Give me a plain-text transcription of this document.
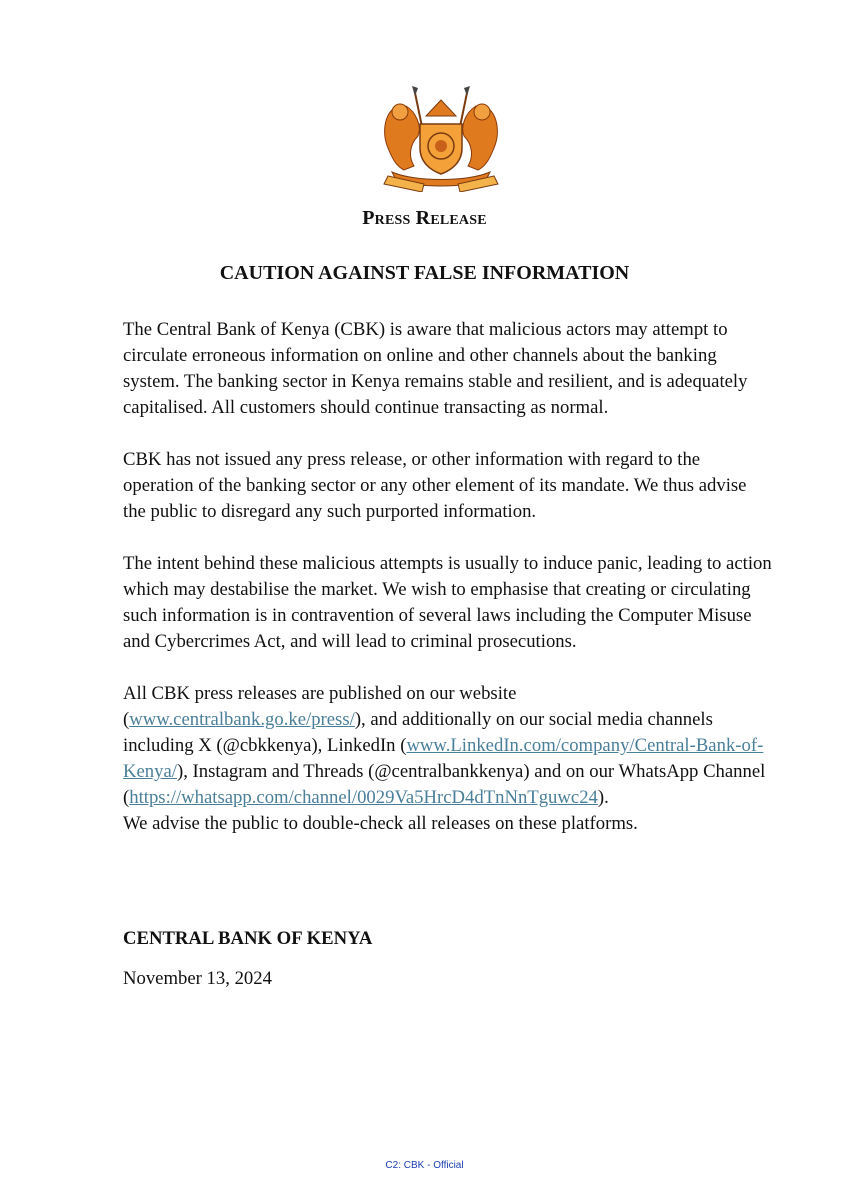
Press Release
CAUTION AGAINST FALSE INFORMATION

The Central Bank of Kenya (CBK) is aware that malicious actors may attempt to circulate erroneous information on online and other channels about the banking system. The banking sector in Kenya remains stable and resilient, and is adequately capitalised. All customers should continue transacting as normal.

CBK has not issued any press release, or other information with regard to the operation of the banking sector or any other element of its mandate. We thus advise the public to disregard any such purported information.

The intent behind these malicious attempts is usually to induce panic, leading to action which may destabilise the market. We wish to emphasise that creating or circulating such information is in contravention of several laws including the Computer Misuse and Cybercrimes Act, and will lead to criminal prosecutions.

All CBK press releases are published on our website
(www.centralbank.go.ke/press/), and additionally on our social media channels including X (@cbkkenya), LinkedIn (www.LinkedIn.com/company/Central-Bank-of-Kenya/), Instagram and Threads (@centralbankkenya) and on our WhatsApp Channel
(https://whatsapp.com/channel/0029Va5HrcD4dTnNnTguwc24).
We advise the public to double-check all releases on these platforms.

CENTRAL BANK OF KENYA
November 13, 2024
C2: CBK - Official
